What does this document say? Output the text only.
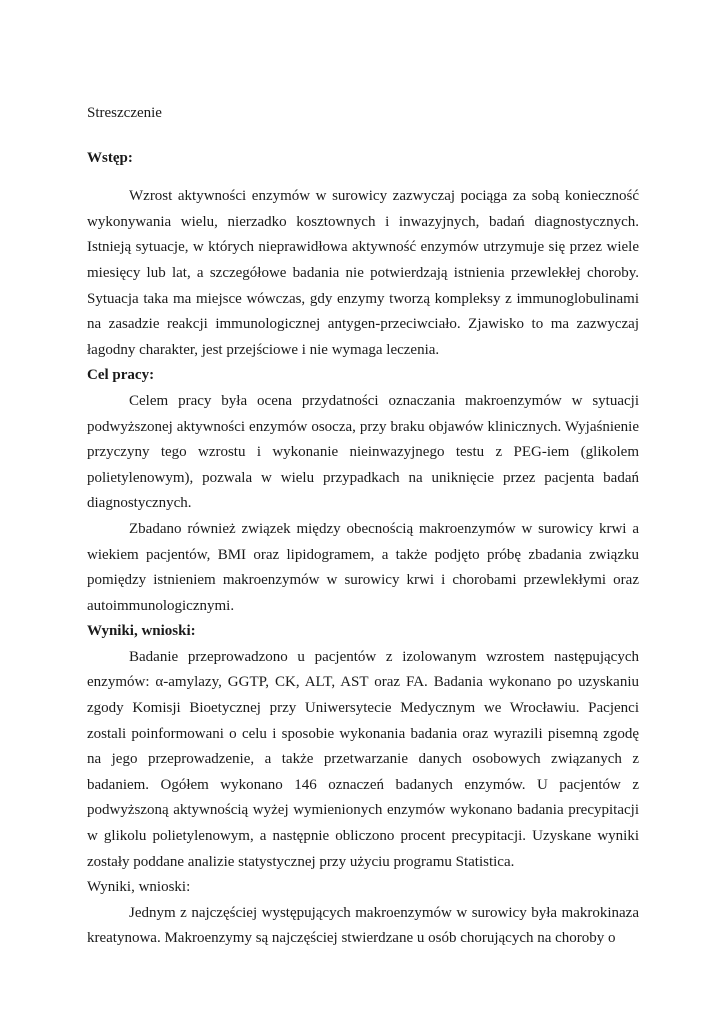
Streszczenie
Wstęp:

Wzrost aktywności enzymów w surowicy zazwyczaj pociąga za sobą konieczność wykonywania wielu, nierzadko kosztownych i inwazyjnych, badań diagnostycznych. Istnieją sytuacje, w których nieprawidłowa aktywność enzymów utrzymuje się przez wiele miesięcy lub lat, a szczegółowe badania nie potwierdzają istnienia przewlekłej choroby. Sytuacja taka ma miejsce wówczas, gdy enzymy tworzą kompleksy z immunoglobulinami na zasadzie reakcji immunologicznej antygen-przeciwciało. Zjawisko to ma zazwyczaj łagodny charakter, jest przejściowe i nie wymaga leczenia.

Cel pracy:

Celem pracy była ocena przydatności oznaczania makroenzymów w sytuacji podwyższonej aktywności enzymów osocza, przy braku objawów klinicznych. Wyjaśnienie przyczyny tego wzrostu i wykonanie nieinwazyjnego testu z PEG-iem (glikolem polietylenowym), pozwala w wielu przypadkach na uniknięcie przez pacjenta badań diagnostycznych.

Zbadano również związek między obecnością makroenzymów w surowicy krwi a wiekiem pacjentów, BMI oraz lipidogramem, a także podjęto próbę zbadania związku pomiędzy istnieniem makroenzymów w surowicy krwi i chorobami przewlekłymi oraz autoimmunologicznymi.

Wyniki, wnioski:

Badanie przeprowadzono u pacjentów z izolowanym wzrostem następujących enzymów: α-amylazy, GGTP, CK, ALT, AST oraz FA. Badania wykonano po uzyskaniu zgody Komisji Bioetycznej przy Uniwersytecie Medycznym we Wrocławiu. Pacjenci zostali poinformowani o celu i sposobie wykonania badania oraz wyrazili pisemną zgodę na jego przeprowadzenie, a także przetwarzanie danych osobowych związanych z badaniem. Ogółem wykonano 146 oznaczeń badanych enzymów. U pacjentów z podwyższoną aktywnością wyżej wymienionych enzymów wykonano badania precypitacji w glikolu polietylenowym, a następnie obliczono procent precypitacji. Uzyskane wyniki zostały poddane analizie statystycznej przy użyciu programu Statistica.

Wyniki, wnioski:

Jednym z najczęściej występujących makroenzymów w surowicy była makrokinaza kreatynowa. Makroenzymy są najczęściej stwierdzane u osób chorujących na choroby o
